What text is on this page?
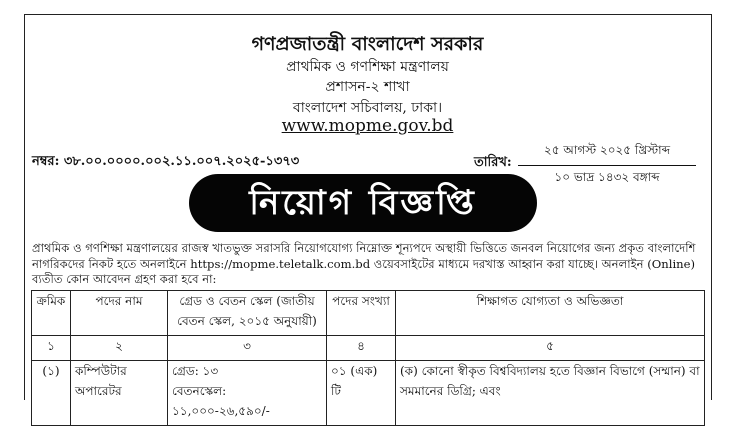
গণপ্রজাতন্ত্রী বাংলাদেশ সরকার
প্রাথমিক ও গণশিক্ষা মন্ত্রণালয়
প্রশাসন-২ শাখা
বাংলাদেশ সচিবালয়, ঢাকা।
www.mopme.gov.bd
নম্বর: ৩৮.০০.০০০০.০০২.১১.০০৭.২০২৫-১৩৭৩	তারিখ:
২৫ আগস্ট ২০২৫ খ্রিস্টাব্দ
১০ ভাদ্র ১৪৩২ বঙ্গাব্দ
নিয়োগ বিজ্ঞপ্তি
প্রাথমিক ও গণশিক্ষা মন্ত্রণালয়ের রাজস্ব খাতভুক্ত সরাসরি নিয়োগযোগ্য নিম্নোক্ত শূন্যপদে অস্থায়ী ভিত্তিতে জনবল নিয়োগের জন্য প্রকৃত বাংলাদেশি নাগরিকদের নিকট হতে অনলাইনে https://mopme.teletalk.com.bd ওয়েবসাইটের মাধ্যমে দরখাস্ত আহ্বান করা যাচ্ছে। অনলাইন (Online) ব্যতীত কোন আবেদন গ্রহণ করা হবে না:
ক্রমিক	পদের নাম	গ্রেড ও বেতন স্কেল (জাতীয় বেতন স্কেল, ২০১৫ অনুযায়ী)	পদের সংখ্যা	শিক্ষাগত যোগ্যতা ও অভিজ্ঞতা
১	২	৩	৪	৫
(১)	কম্পিউটার অপারেটর	গ্রেড: ১৩
বেতনস্কেল: ১১,০০০-২৬,৫৯০/-	০১ (এক) টি	(ক) কোনো স্বীকৃত বিশ্ববিদ্যালয় হতে বিজ্ঞান বিভাগে (সম্মান) বা সমমানের ডিগ্রি; এবং
